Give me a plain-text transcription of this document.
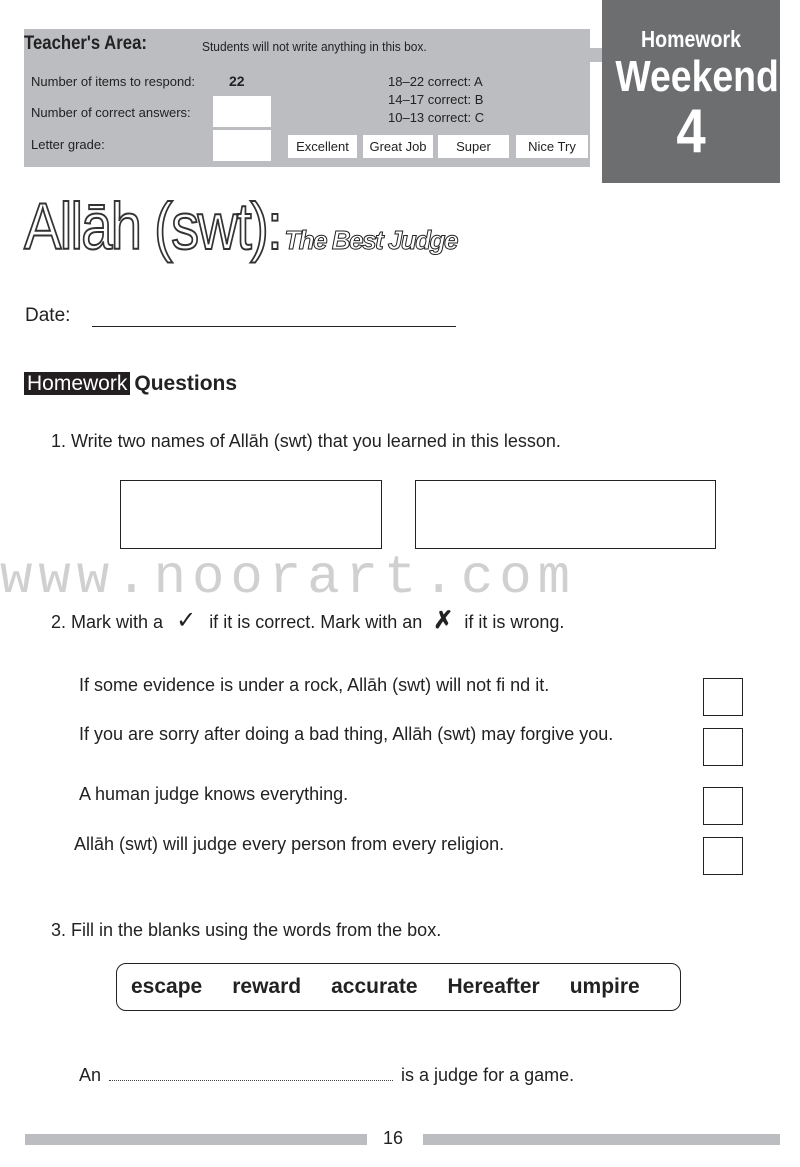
Teacher's Area:	Students will not write anything in this box.
Number of items to respond: 22
Number of correct answers:
Letter grade:
18–22 correct: A
14–17 correct: B
10–13 correct: C
Excellent	Great Job	Super	Nice Try
Homework
Weekend
4
Allāh (swt): The Best Judge
Date:
Homework Questions
1. Write two names of Allāh (swt) that you learned in this lesson.
www.noorart.com
2. Mark with a ✓ if it is correct. Mark with an ✗ if it is wrong.
If some evidence is under a rock, Allāh (swt) will not fi nd it.
If you are sorry after doing a bad thing, Allāh (swt) may forgive you.
A human judge knows everything.
Allāh (swt) will judge every person from every religion.
3. Fill in the blanks using the words from the box.
escape reward accurate Hereafter umpire
An	is a judge for a game.
16
